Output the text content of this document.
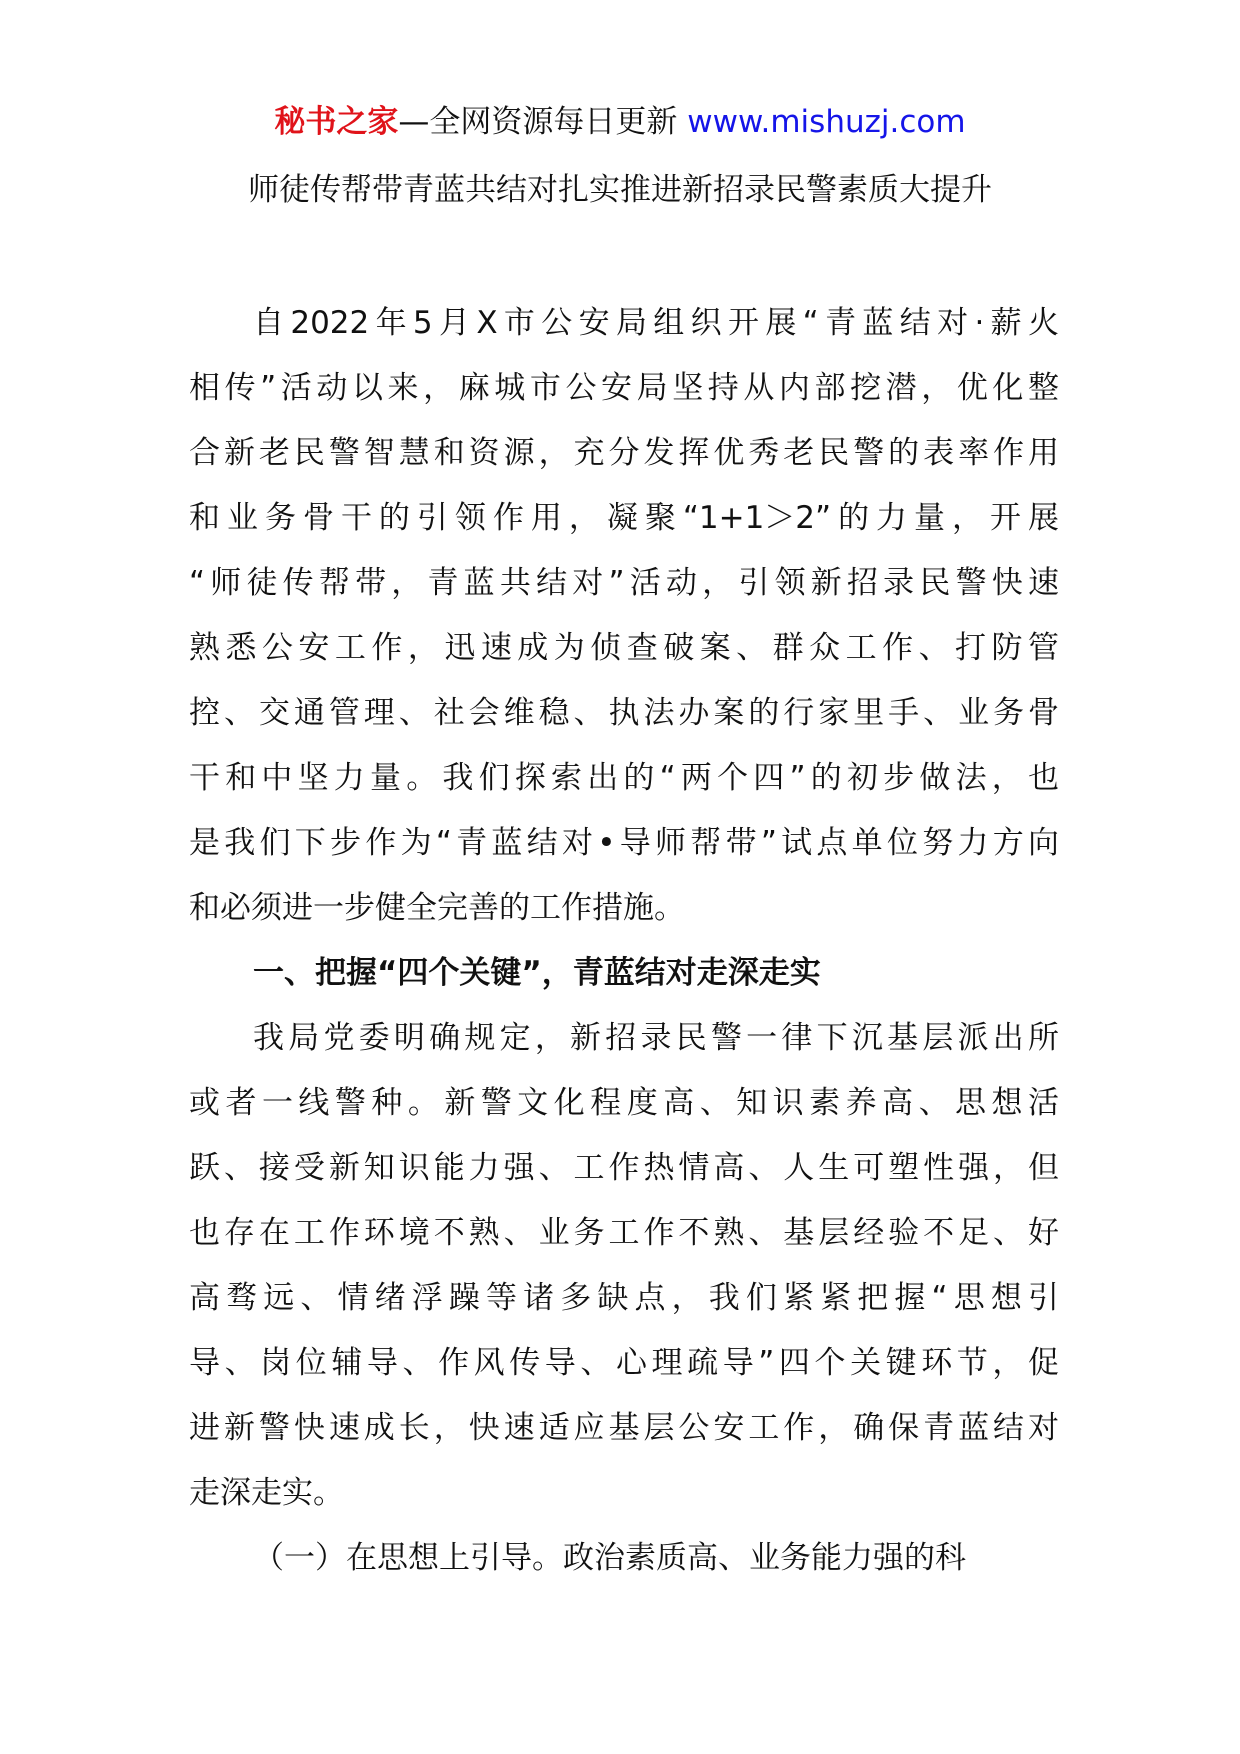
秘书之家—全网资源每日更新 www.mishuzj.com
师徒传帮带青蓝共结对扎实推进新招录民警素质大提升
自2022年5月X市公安局组织开展“青蓝结对·薪火
相传”活动以来，麻城市公安局坚持从内部挖潜，优化整
合新老民警智慧和资源，充分发挥优秀老民警的表率作用
和业务骨干的引领作用，凝聚“1+1＞2”的力量，开展
“师徒传帮带，青蓝共结对”活动，引领新招录民警快速
熟悉公安工作，迅速成为侦查破案、群众工作、打防管
控、交通管理、社会维稳、执法办案的行家里手、业务骨
干和中坚力量。我们探索出的“两个四”的初步做法，也
是我们下步作为“青蓝结对•导师帮带”试点单位努力方向
和必须进一步健全完善的工作措施。
一、把握“四个关键”，青蓝结对走深走实
我局党委明确规定，新招录民警一律下沉基层派出所
或者一线警种。新警文化程度高、知识素养高、思想活
跃、接受新知识能力强、工作热情高、人生可塑性强，但
也存在工作环境不熟、业务工作不熟、基层经验不足、好
高骛远、情绪浮躁等诸多缺点，我们紧紧把握“思想引
导、岗位辅导、作风传导、心理疏导”四个关键环节，促
进新警快速成长，快速适应基层公安工作，确保青蓝结对
走深走实。
（一）在思想上引导。政治素质高、业务能力强的科
